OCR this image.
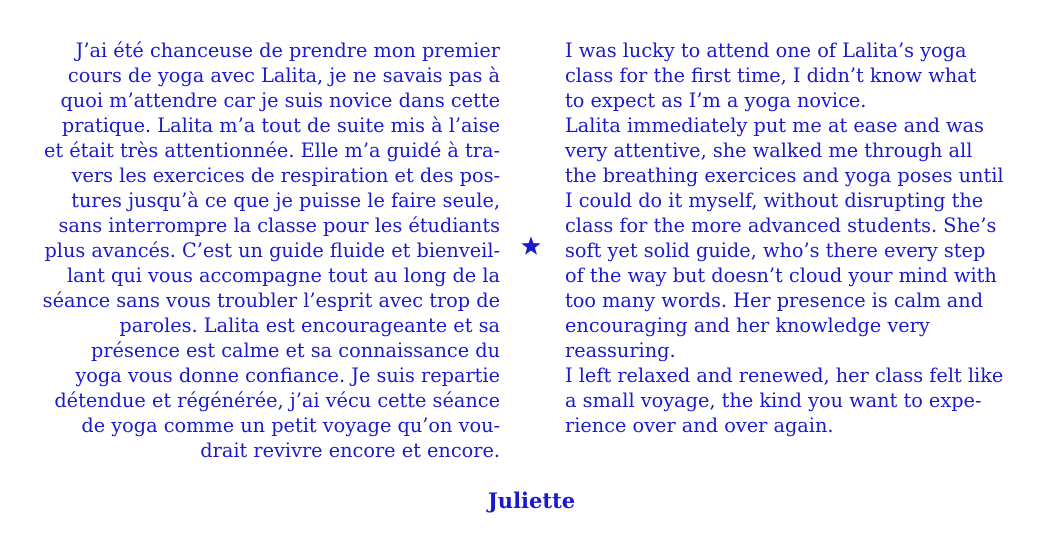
J’ai été chanceuse de prendre mon premier
cours de yoga avec Lalita, je ne savais pas à
quoi m’attendre car je suis novice dans cette
pratique. Lalita m’a tout de suite mis à l’aise
et était très attentionnée. Elle m’a guidé à tra-
vers les exercices de respiration et des pos-
tures jusqu’à ce que je puisse le faire seule,
sans interrompre la classe pour les étudiants
plus avancés. C’est un guide fluide et bienveil-
lant qui vous accompagne tout au long de la
séance sans vous troubler l’esprit avec trop de
paroles. Lalita est encourageante et sa
présence est calme et sa connaissance du
yoga vous donne confiance. Je suis repartie
détendue et régénérée, j’ai vécu cette séance
de yoga comme un petit voyage qu’on vou-
drait revivre encore et encore.
I was lucky to attend one of Lalita’s yoga
class for the first time, I didn’t know what
to expect as I’m a yoga novice.
Lalita immediately put me at ease and was
very attentive, she walked me through all
the breathing exercices and yoga poses until
I could do it myself, without disrupting the
class for the more advanced students. She’s
soft yet solid guide, who’s there every step
of the way but doesn’t cloud your mind with
too many words. Her presence is calm and
encouraging and her knowledge very
reassuring.
I left relaxed and renewed, her class felt like
a small voyage, the kind you want to expe-
rience over and over again.
Juliette
